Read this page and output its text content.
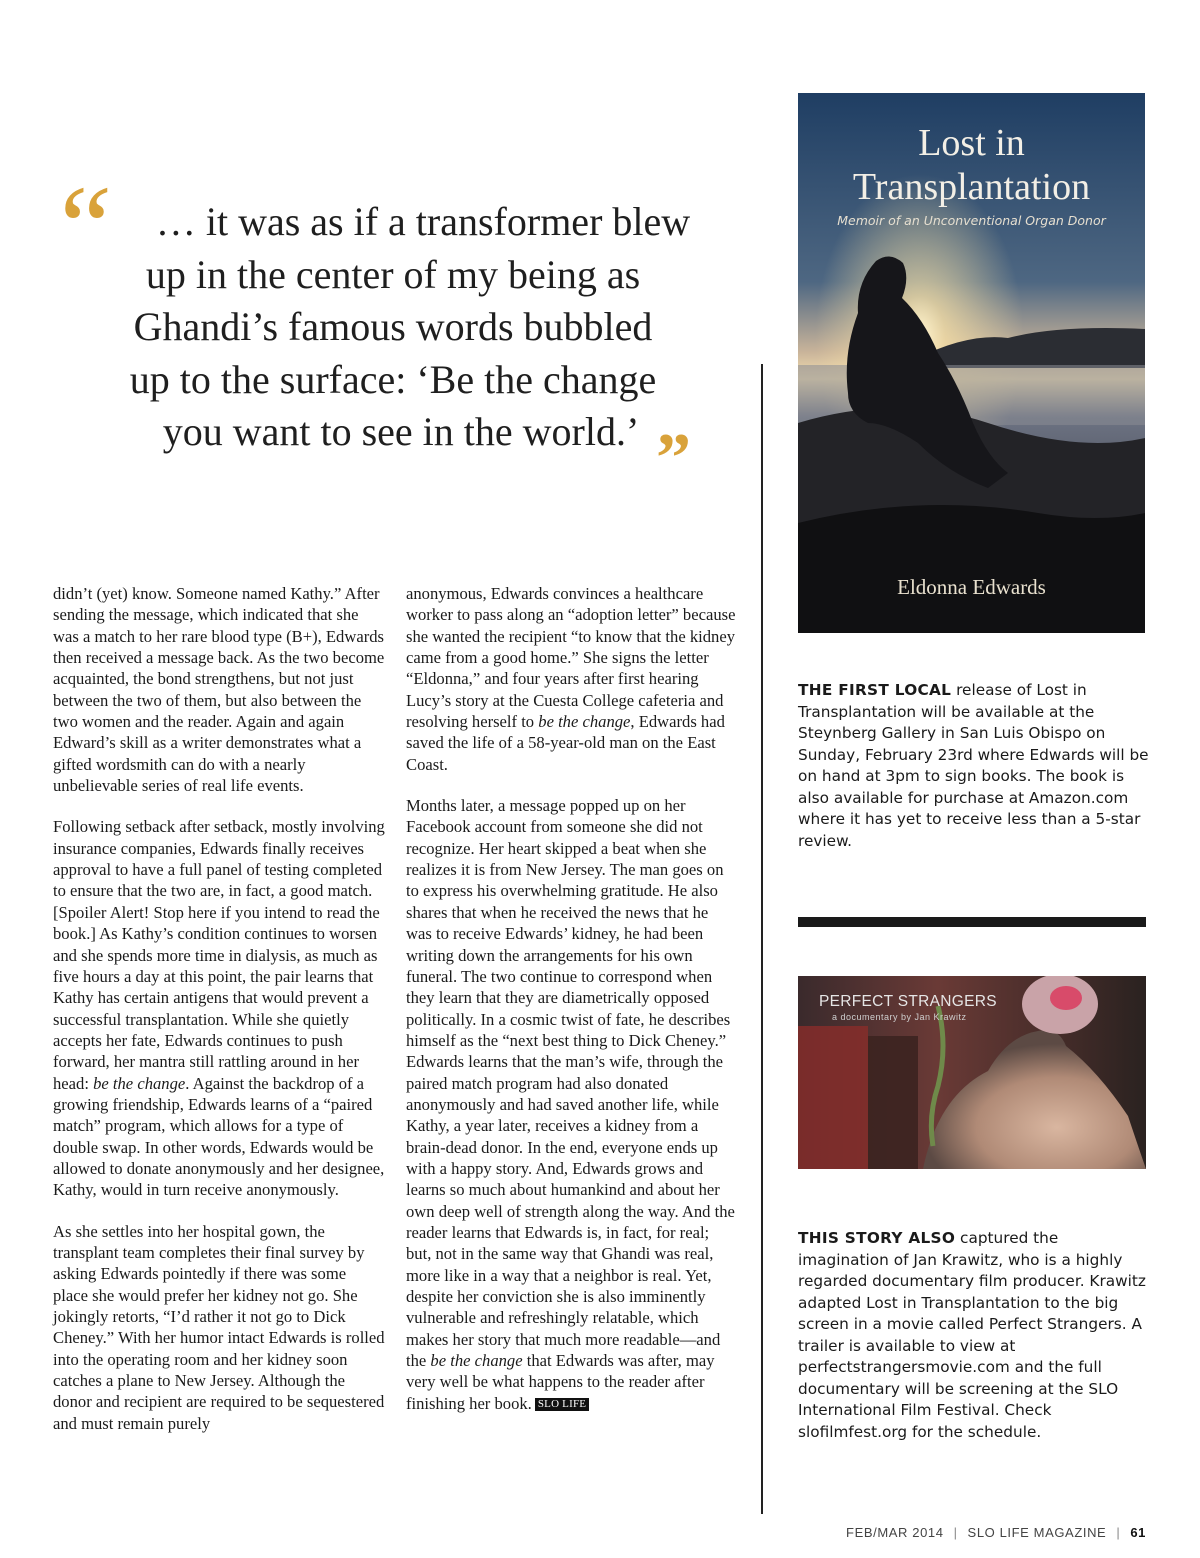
“	… it was as if a transformer blew
up in the center of my being as
Ghandi’s famous words bubbled
up to the surface: ‘Be the change
you want to see in the world.’ ”

didn’t (yet) know. Someone named Kathy.” After sending the message, which indicated that she was a match to her rare blood type (B+), Edwards then received a message back. As the two become acquainted, the bond strengthens, but not just between the two of them, but also between the two women and the reader. Again and again Edward’s skill as a writer demonstrates what a gifted wordsmith can do with a nearly unbelievable series of real life events.

Following setback after setback, mostly involving insurance companies, Edwards finally receives approval to have a full panel of testing completed to ensure that the two are, in fact, a good match. [Spoiler Alert! Stop here if you intend to read the book.] As Kathy’s condition continues to worsen and she spends more time in dialysis, as much as five hours a day at this point, the pair learns that Kathy has certain antigens that would prevent a successful transplantation. While she quietly accepts her fate, Edwards continues to push forward, her mantra still rattling around in her head: be the change. Against the backdrop of a growing friendship, Edwards learns of a “paired match” program, which allows for a type of double swap. In other words, Edwards would be allowed to donate anonymously and her designee, Kathy, would in turn receive anonymously.

As she settles into her hospital gown, the transplant team completes their final survey by asking Edwards pointedly if there was some place she would prefer her kidney not go. She jokingly retorts, “I’d rather it not go to Dick Cheney.” With her humor intact Edwards is rolled into the operating room and her kidney soon catches a plane to New Jersey. Although the donor and recipient are required to be sequestered and must remain purely

anonymous, Edwards convinces a healthcare worker to pass along an “adoption letter” because she wanted the recipient “to know that the kidney came from a good home.” She signs the letter “Eldonna,” and four years after first hearing Lucy’s story at the Cuesta College cafeteria and resolving herself to be the change, Edwards had saved the life of a 58-year-old man on the East Coast.

Months later, a message popped up on her Facebook account from someone she did not recognize. Her heart skipped a beat when she realizes it is from New Jersey. The man goes on to express his overwhelming gratitude. He also shares that when he received the news that he was to receive Edwards’ kidney, he had been writing down the arrangements for his own funeral. The two continue to correspond when they learn that they are diametrically opposed politically. In a cosmic twist of fate, he describes himself as the “next best thing to Dick Cheney.” Edwards learns that the man’s wife, through the paired match program had also donated anonymously and had saved another life, while Kathy, a year later, receives a kidney from a brain-dead donor. In the end, everyone ends up with a happy story. And, Edwards grows and learns so much about humankind and about her own deep well of strength along the way. And the reader learns that Edwards is, in fact, for real; but, not in the same way that Ghandi was real, more like in a way that a neighbor is real. Yet, despite her conviction she is also imminently vulnerable and refreshingly relatable, which makes her story that much more readable—and the be the change that Edwards was after, may very well be what happens to the reader after finishing her book. SLO LIFE

Lost in
Transplantation
Memoir of an Unconventional Organ Donor
Eldonna Edwards
THE FIRST LOCAL release of Lost in Transplantation will be available at the Steynberg Gallery in San Luis Obispo on Sunday, February 23rd where Edwards will be on hand at 3pm to sign books. The book is also available for purchase at Amazon.com where it has yet to receive less than a 5-star review.
PERFECT STRANGERS
a documentary by Jan Krawitz
THIS STORY ALSO captured the imagination of Jan Krawitz, who is a highly regarded documentary film producer. Krawitz adapted Lost in Transplantation to the big screen in a movie called Perfect Strangers. A trailer is available to view at perfectstrangersmovie.com and the full documentary will be screening at the SLO International Film Festival. Check slofilmfest.org for the schedule.
FEB/MAR 2014 | SLO LIFE MAGAZINE | 61
